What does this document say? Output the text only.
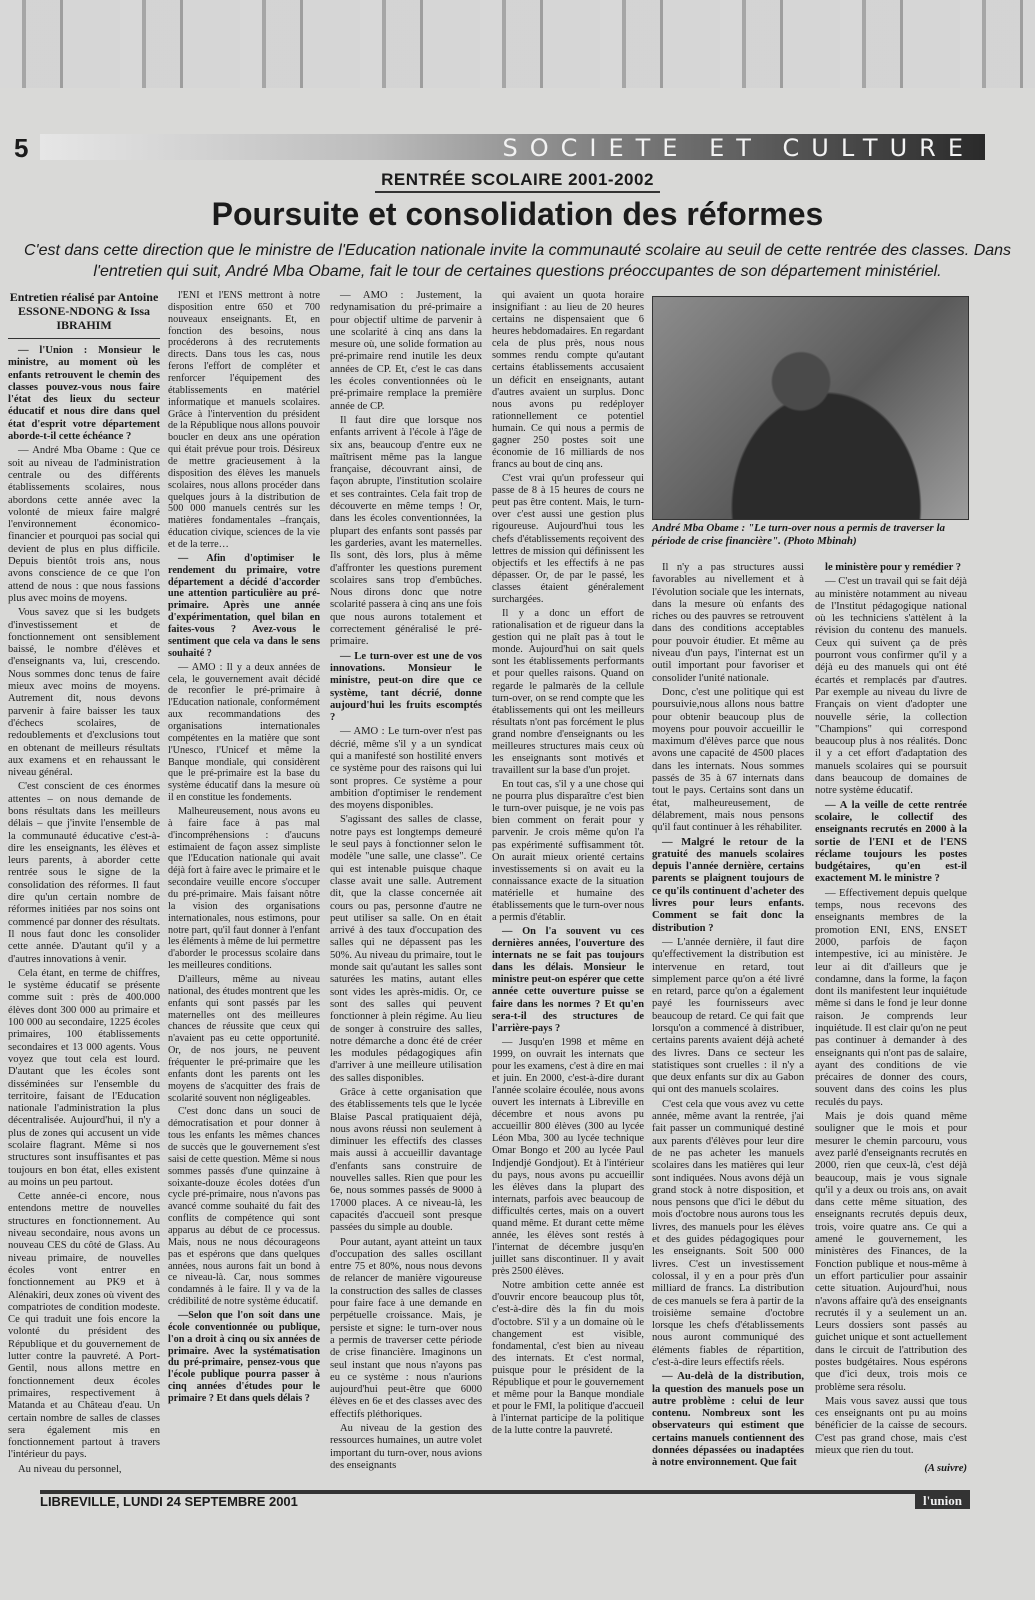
5	SOCIETE ET CULTURE
RENTRÉE SCOLAIRE 2001-2002
Poursuite et consolidation des réformes
C'est dans cette direction que le ministre de l'Education nationale invite la communauté scolaire au seuil de cette rentrée des classes. Dans l'entretien qui suit, André Mba Obame, fait le tour de certaines questions préoccupantes de son département ministériel.
Entretien réalisé par Antoine ESSONE-NDONG & Issa IBRAHIM

— l'Union : Monsieur le ministre, au moment où les enfants retrouvent le chemin des classes pouvez-vous nous faire l'état des lieux du secteur éducatif et nous dire dans quel état d'esprit votre département aborde-t-il cette échéance ?

— André Mba Obame : Que ce soit au niveau de l'administration centrale ou des différents établissements scolaires, nous abordons cette année avec la volonté de mieux faire malgré l'environnement économico-financier et pourquoi pas social qui devient de plus en plus difficile. Depuis bientôt trois ans, nous avons conscience de ce que l'on attend de nous : que nous fassions plus avec moins de moyens.

Vous savez que si les budgets d'investissement et de fonctionnement ont sensiblement baissé, le nombre d'élèves et d'enseignants va, lui, crescendo. Nous sommes donc tenus de faire mieux avec moins de moyens. Autrement dit, nous devons parvenir à faire baisser les taux d'échecs scolaires, de redoublements et d'exclusions tout en obtenant de meilleurs résultats aux examens et en rehaussant le niveau général.

C'est conscient de ces énormes attentes – on nous demande de bons résultats dans les meilleurs délais – que j'invite l'ensemble de la communauté éducative c'est-à-dire les enseignants, les élèves et leurs parents, à aborder cette rentrée sous le signe de la consolidation des réformes. Il faut dire qu'un certain nombre de réformes initiées par nos soins ont commencé par donner des résultats. Il nous faut donc les consolider cette année. D'autant qu'il y a d'autres innovations à venir.

Cela étant, en terme de chiffres, le système éducatif se présente comme suit : près de 400.000 élèves dont 300 000 au primaire et 100 000 au secondaire, 1225 écoles primaires, 100 établissements secondaires et 13 000 agents. Vous voyez que tout cela est lourd. D'autant que les écoles sont disséminées sur l'ensemble du territoire, faisant de l'Education nationale l'administration la plus décentralisée. Aujourd'hui, il n'y a plus de zones qui accusent un vide scolaire flagrant. Même si nos structures sont insuffisantes et pas toujours en bon état, elles existent au moins un peu partout.

Cette année-ci encore, nous entendons mettre de nouvelles structures en fonctionnement. Au niveau secondaire, nous avons un nouveau CES du côté de Glass. Au niveau primaire, de nouvelles écoles vont entrer en fonctionnement au PK9 et à Alénakiri, deux zones où vivent des compatriotes de condition modeste. Ce qui traduit une fois encore la volonté du président des République et du gouvernement de lutter contre la pauvreté. A Port-Gentil, nous allons mettre en fonctionnement deux écoles primaires, respectivement à Matanda et au Château d'eau. Un certain nombre de salles de classes sera également mis en fonctionnement partout à travers l'intérieur du pays.

Au niveau du personnel,

l'ENI et l'ENS mettront à notre disposition entre 650 et 700 nouveaux enseignants. Et, en fonction des besoins, nous procéderons à des recrutements directs. Dans tous les cas, nous ferons l'effort de compléter et renforcer l'équipement des établissements en matériel informatique et manuels scolaires. Grâce à l'intervention du président de la République nous allons pouvoir boucler en deux ans une opération qui était prévue pour trois. Désireux de mettre gracieusement à la disposition des élèves les manuels scolaires, nous allons procéder dans quelques jours à la distribution de 500 000 manuels centrés sur les matières fondamentales –français, éducation civique, sciences de la vie et de la terre…

— Afin d'optimiser le rendement du primaire, votre département a décidé d'accorder une attention particulière au pré-primaire. Après une année d'expérimentation, quel bilan en faites-vous ? Avez-vous le sentiment que cela va dans le sens souhaité ?

— AMO : Il y a deux années de cela, le gouvernement avait décidé de reconfier le pré-primaire à l'Education nationale, conformément aux recommandations des organisations internationales compétentes en la matière que sont l'Unesco, l'Unicef et même la Banque mondiale, qui considèrent que le pré-primaire est la base du système éducatif dans la mesure où il en constitue les fondements.

Malheureusement, nous avons eu à faire face à pas mal d'incompréhensions : d'aucuns estimaient de façon assez simpliste que l'Education nationale qui avait déjà fort à faire avec le primaire et le secondaire veuille encore s'occuper du pré-primaire. Mais faisant nôtre la vision des organisations internationales, nous estimons, pour notre part, qu'il faut donner à l'enfant les éléments à même de lui permettre d'aborder le processus scolaire dans les meilleures conditions.

D'ailleurs, même au niveau national, des études montrent que les enfants qui sont passés par les maternelles ont des meilleures chances de réussite que ceux qui n'avaient pas eu cette opportunité. Or, de nos jours, ne peuvent fréquenter le pré-primaire que les enfants dont les parents ont les moyens de s'acquitter des frais de scolarité souvent non négligeables.

C'est donc dans un souci de démocratisation et pour donner à tous les enfants les mêmes chances de succès que le gouvernement s'est saisi de cette question. Même si nous sommes passés d'une quinzaine à soixante-douze écoles dotées d'un cycle pré-primaire, nous n'avons pas avancé comme souhaité du fait des conflits de compétence qui sont apparus au début de ce processus. Mais, nous ne nous décourageons pas et espérons que dans quelques années, nous aurons fait un bond à ce niveau-là. Car, nous sommes condamnés à le faire. Il y va de la crédibilité de notre système éducatif.

—Selon que l'on soit dans une école conventionnée ou publique, l'on a droit à cinq ou six années de primaire. Avec la systématisation du pré-primaire, pensez-vous que l'école publique pourra passer à cinq années d'études pour le primaire ? Et dans quels délais ?

— AMO : Justement, la redynamisation du pré-primaire a pour objectif ultime de parvenir à une scolarité à cinq ans dans la mesure où, une solide formation au pré-primaire rend inutile les deux années de CP. Et, c'est le cas dans les écoles conventionnées où le pré-primaire remplace la première année de CP.

Il faut dire que lorsque nos enfants arrivent à l'école à l'âge de six ans, beaucoup d'entre eux ne maîtrisent même pas la langue française, découvrant ainsi, de façon abrupte, l'institution scolaire et ses contraintes. Cela fait trop de découverte en même temps ! Or, dans les écoles conventionnées, la plupart des enfants sont passés par les garderies, avant les maternelles. Ils sont, dès lors, plus à même d'affronter les questions purement scolaires sans trop d'embûches. Nous dirons donc que notre scolarité passera à cinq ans une fois que nous aurons totalement et correctement généralisé le pré-primaire.

— Le turn-over est une de vos innovations. Monsieur le ministre, peut-on dire que ce système, tant décrié, donne aujourd'hui les fruits escomptés ?

— AMO : Le turn-over n'est pas décrié, même s'il y a un syndicat qui a manifesté son hostilité envers ce système pour des raisons qui lui sont propres. Ce système a pour ambition d'optimiser le rendement des moyens disponibles.

S'agissant des salles de classe, notre pays est longtemps demeuré le seul pays à fonctionner selon le modèle "une salle, une classe". Ce qui est intenable puisque chaque classe avait une salle. Autrement dit, que la classe concernée ait cours ou pas, personne d'autre ne peut utiliser sa salle. On en était arrivé à des taux d'occupation des salles qui ne dépassent pas les 50%. Au niveau du primaire, tout le monde sait qu'autant les salles sont saturées les matins, autant elles sont vides les après-midis. Or, ce sont des salles qui peuvent fonctionner à plein régime. Au lieu de songer à construire des salles, notre démarche a donc été de créer les modules pédagogiques afin d'arriver à une meilleure utilisation des salles disponibles.

Grâce à cette organisation que des établissements tels que le lycée Blaise Pascal pratiquaient déjà, nous avons réussi non seulement à diminuer les effectifs des classes mais aussi à accueillir davantage d'enfants sans construire de nouvelles salles. Rien que pour les 6e, nous sommes passés de 9000 à 17000 places. A ce niveau-là, les capacités d'accueil sont presque passées du simple au double.

Pour autant, ayant atteint un taux d'occupation des salles oscillant entre 75 et 80%, nous nous devons de relancer de manière vigoureuse la construction des salles de classes pour faire face à une demande en perpétuelle croissance. Mais, je persiste et signe: le turn-over nous a permis de traverser cette période de crise financière. Imaginons un seul instant que nous n'ayons pas eu ce système : nous n'aurions aujourd'hui peut-être que 6000 élèves en 6e et des classes avec des effectifs pléthoriques.

Au niveau de la gestion des ressources humaines, un autre volet important du turn-over, nous avions des enseignants

qui avaient un quota horaire insignifiant : au lieu de 20 heures certains ne dispensaient que 6 heures hebdomadaires. En regardant cela de plus près, nous nous sommes rendu compte qu'autant certains établissements accusaient un déficit en enseignants, autant d'autres avaient un surplus. Donc nous avons pu redéployer rationnellement ce potentiel humain. Ce qui nous a permis de gagner 250 postes soit une économie de 16 milliards de nos francs au bout de cinq ans.

C'est vrai qu'un professeur qui passe de 8 à 15 heures de cours ne peut pas être content. Mais, le turn-over c'est aussi une gestion plus rigoureuse. Aujourd'hui tous les chefs d'établissements reçoivent des lettres de mission qui définissent les objectifs et les effectifs à ne pas dépasser. Or, de par le passé, les classes étaient généralement surchargées.

Il y a donc un effort de rationalisation et de rigueur dans la gestion qui ne plaît pas à tout le monde. Aujourd'hui on sait quels sont les établissements performants et pour quelles raisons. Quand on regarde le palmarès de la cellule turn-over, on se rend compte que les établissements qui ont les meilleurs résultats n'ont pas forcément le plus grand nombre d'enseignants ou les meilleures structures mais ceux où les enseignants sont motivés et travaillent sur la base d'un projet.

En tout cas, s'il y a une chose qui ne pourra plus disparaître c'est bien le turn-over puisque, je ne vois pas bien comment on ferait pour y parvenir. Je crois même qu'on l'a pas expérimenté suffisamment tôt. On aurait mieux orienté certains investissements si on avait eu la connaissance exacte de la situation matérielle et humaine des établissements que le turn-over nous a permis d'établir.

— On l'a souvent vu ces dernières années, l'ouverture des internats ne se fait pas toujours dans les délais. Monsieur le ministre peut-on espérer que cette année cette ouverture puisse se faire dans les normes ? Et qu'en sera-t-il des structures de l'arrière-pays ?

— Jusqu'en 1998 et même en 1999, on ouvrait les internats que pour les examens, c'est à dire en mai et juin. En 2000, c'est-à-dire durant l'année scolaire écoulée, nous avons ouvert les internats à Libreville en décembre et nous avons pu accueillir 800 élèves (300 au lycée Léon Mba, 300 au lycée technique Omar Bongo et 200 au lycée Paul Indjendjé Gondjout). Et à l'intérieur du pays, nous avons pu accueillir les élèves dans la plupart des internats, parfois avec beaucoup de difficultés certes, mais on a ouvert quand même. Et durant cette même année, les élèves sont restés à l'internat de décembre jusqu'en juillet sans discontinuer. Il y avait près 2500 élèves.

Notre ambition cette année est d'ouvrir encore beaucoup plus tôt, c'est-à-dire dès la fin du mois d'octobre. S'il y a un domaine où le changement est visible, fondamental, c'est bien au niveau des internats. Et c'est normal, puisque pour le président de la République et pour le gouvernement et même pour la Banque mondiale et pour le FMI, la politique d'accueil à l'internat participe de la politique de la lutte contre la pauvreté.

André Mba Obame : "Le turn-over nous a permis de traverser la période de crise financière". (Photo Mbinah)

Il n'y a pas structures aussi favorables au nivellement et à l'évolution sociale que les internats, dans la mesure où enfants des riches ou des pauvres se retrouvent dans des conditions acceptables pour pouvoir étudier. Et même au niveau d'un pays, l'internat est un outil important pour favoriser et consolider l'unité nationale.

Donc, c'est une politique qui est poursuivie,nous allons nous battre pour obtenir beaucoup plus de moyens pour pouvoir accueillir le maximum d'élèves parce que nous avons une capacité de 4500 places dans les internats. Nous sommes passés de 35 à 67 internats dans tout le pays. Certains sont dans un état, malheureusement, de délabrement, mais nous pensons qu'il faut continuer à les réhabiliter.

— Malgré le retour de la gratuité des manuels scolaires depuis l'année dernière, certains parents se plaignent toujours de ce qu'ils continuent d'acheter des livres pour leurs enfants. Comment se fait donc la distribution ?

— L'année dernière, il faut dire qu'effectivement la distribution est intervenue en retard, tout simplement parce qu'on a été livré en retard, parce qu'on a également payé les fournisseurs avec beaucoup de retard. Ce qui fait que lorsqu'on a commencé à distribuer, certains parents avaient déjà acheté des livres. Dans ce secteur les statistiques sont cruelles : il n'y a que deux enfants sur dix au Gabon qui ont des manuels scolaires.

C'est cela que vous avez vu cette année, même avant la rentrée, j'ai fait passer un communiqué destiné aux parents d'élèves pour leur dire de ne pas acheter les manuels scolaires dans les matières qui leur sont indiquées. Nous avons déjà un grand stock à notre disposition, et nous pensons que d'ici le début du mois d'octobre nous aurons tous les livres, des manuels pour les élèves et des guides pédagogiques pour les enseignants. Soit 500 000 livres. C'est un investissement colossal, il y en a pour près d'un milliard de francs. La distribution de ces manuels se fera à partir de la troisième semaine d'octobre lorsque les chefs d'établissements nous auront communiqué des éléments fiables de répartition, c'est-à-dire leurs effectifs réels.

— Au-delà de la distribution, la question des manuels pose un autre problème : celui de leur contenu. Nombreux sont les observateurs qui estiment que certains manuels contiennent des données dépassées ou inadaptées à notre environnement. Que fait

le ministère pour y remédier ?

— C'est un travail qui se fait déjà au ministère notamment au niveau de l'Institut pédagogique national où les techniciens s'attèlent à la révision du contenu des manuels. Ceux qui suivent ça de près pourront vous confirmer qu'il y a déjà eu des manuels qui ont été écartés et remplacés par d'autres. Par exemple au niveau du livre de Français on vient d'adopter une nouvelle série, la collection "Champions" qui correspond beaucoup plus à nos réalités. Donc il y a cet effort d'adaptation des manuels scolaires qui se poursuit dans beaucoup de domaines de notre système éducatif.

— A la veille de cette rentrée scolaire, le collectif des enseignants recrutés en 2000 à la sortie de l'ENI et de l'ENS réclame toujours les postes budgétaires, qu'en est-il exactement M. le ministre ?

— Effectivement depuis quelque temps, nous recevons des enseignants membres de la promotion ENI, ENS, ENSET 2000, parfois de façon intempestive, ici au ministère. Je leur ai dit d'ailleurs que je condamne, dans la forme, la façon dont ils manifestent leur inquiétude même si dans le fond je leur donne raison. Je comprends leur inquiétude. Il est clair qu'on ne peut pas continuer à demander à des enseignants qui n'ont pas de salaire, ayant des conditions de vie précaires de donner des cours, souvent dans des coins les plus reculés du pays.

Mais je dois quand même souligner que le mois et pour mesurer le chemin parcouru, vous avez parlé d'enseignants recrutés en 2000, rien que ceux-là, c'est déjà beaucoup, mais je vous signale qu'il y a deux ou trois ans, on avait dans cette même situation, des enseignants recrutés depuis deux, trois, voire quatre ans. Ce qui a amené le gouvernement, les ministères des Finances, de la Fonction publique et nous-même à un effort particulier pour assainir cette situation. Aujourd'hui, nous n'avons affaire qu'à des enseignants recrutés il y a seulement un an. Leurs dossiers sont passés au guichet unique et sont actuellement dans le circuit de l'attribution des postes budgétaires. Nous espérons que d'ici deux, trois mois ce problème sera résolu.

Mais vous savez aussi que tous ces enseignants ont pu au moins bénéficier de la caisse de secours. C'est pas grand chose, mais c'est mieux que rien du tout.

(A suivre)
LIBREVILLE, LUNDI 24 SEPTEMBRE 2001	l'union
